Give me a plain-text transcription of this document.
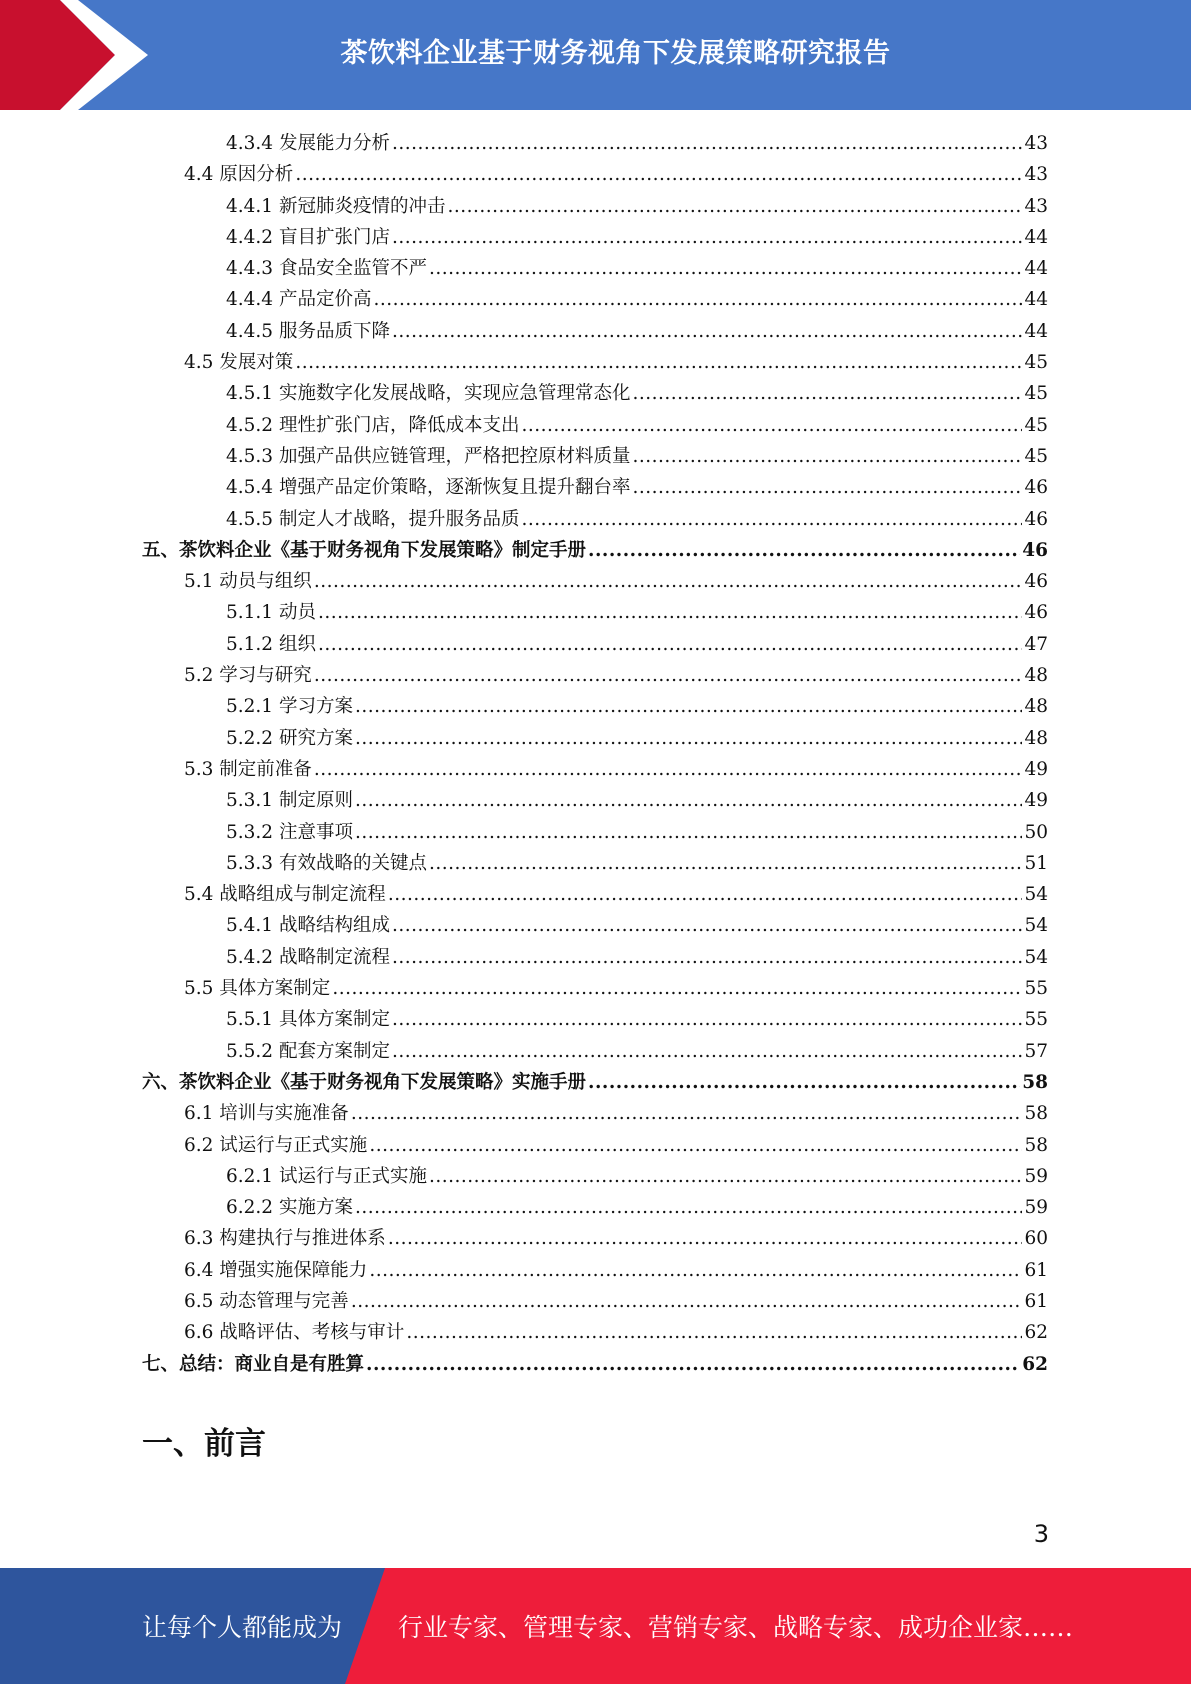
茶饮料企业基于财务视角下发展策略研究报告
4.3.4 发展能力分析 .....	43
4.4 原因分析 .....	43
4.4.1 新冠肺炎疫情的冲击 .....	43
4.4.2 盲目扩张门店 .....	44
4.4.3 食品安全监管不严 .....	44
4.4.4 产品定价高 .....	44
4.4.5 服务品质下降 .....	44
4.5 发展对策 .....	45
4.5.1 实施数字化发展战略，实现应急管理常态化 .....	45
4.5.2 理性扩张门店，降低成本支出 .....	45
4.5.3 加强产品供应链管理，严格把控原材料质量 .....	45
4.5.4 增强产品定价策略，逐渐恢复且提升翻台率 .....	46
4.5.5 制定人才战略，提升服务品质 .....	46
五、茶饮料企业《基于财务视角下发展策略》制定手册 .....	46
5.1 动员与组织 .....	46
5.1.1 动员 .....	46
5.1.2 组织 .....	47
5.2 学习与研究 .....	48
5.2.1 学习方案 .....	48
5.2.2 研究方案 .....	48
5.3 制定前准备 .....	49
5.3.1 制定原则 .....	49
5.3.2 注意事项 .....	50
5.3.3 有效战略的关键点 .....	51
5.4 战略组成与制定流程 .....	54
5.4.1 战略结构组成 .....	54
5.4.2 战略制定流程 .....	54
5.5 具体方案制定 .....	55
5.5.1 具体方案制定 .....	55
5.5.2 配套方案制定 .....	57
六、茶饮料企业《基于财务视角下发展策略》实施手册 .....	58
6.1 培训与实施准备 .....	58
6.2 试运行与正式实施 .....	58
6.2.1 试运行与正式实施 .....	59
6.2.2 实施方案 .....	59
6.3 构建执行与推进体系 .....	60
6.4 增强实施保障能力 .....	61
6.5 动态管理与完善 .....	61
6.6 战略评估、考核与审计 .....	62
七、总结：商业自是有胜算 .....	62
一、前言
3
让每个人都能成为 行业专家、管理专家、营销专家、战略专家、成功企业家……
